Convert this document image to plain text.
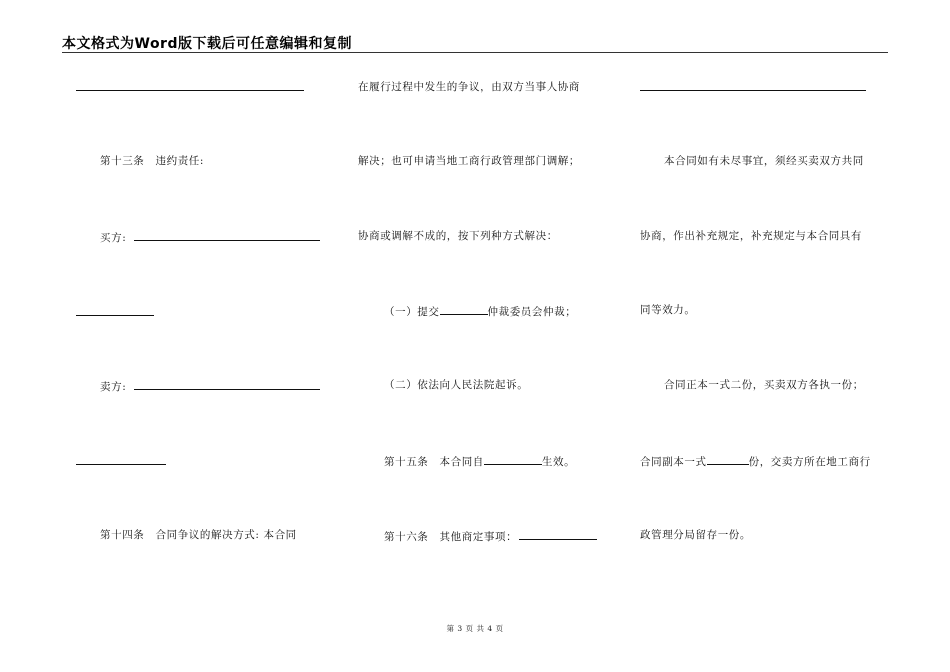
本文格式为Word版下载后可任意编辑和复制
第十三条　违约责任:
买方:
卖方:
第十四条　合同争议的解决方式: 本合同
在履行过程中发生的争议，由双方当事人协商
解决；也可申请当地工商行政管理部门调解；
协商或调解不成的，按下列种方式解决：
（一）提交	仲裁委员会仲裁；
（二）依法向人民法院起诉。
第十五条　本合同自	生效。
第十六条　其他商定事项：
本合同如有未尽事宜，须经买卖双方共同
协商，作出补充规定，补充规定与本合同具有
同等效力。
合同正本一式二份，买卖双方各执一份；
合同副本一式	份，交卖方所在地工商行
政管理分局留存一份。
第 3 页 共 4 页
